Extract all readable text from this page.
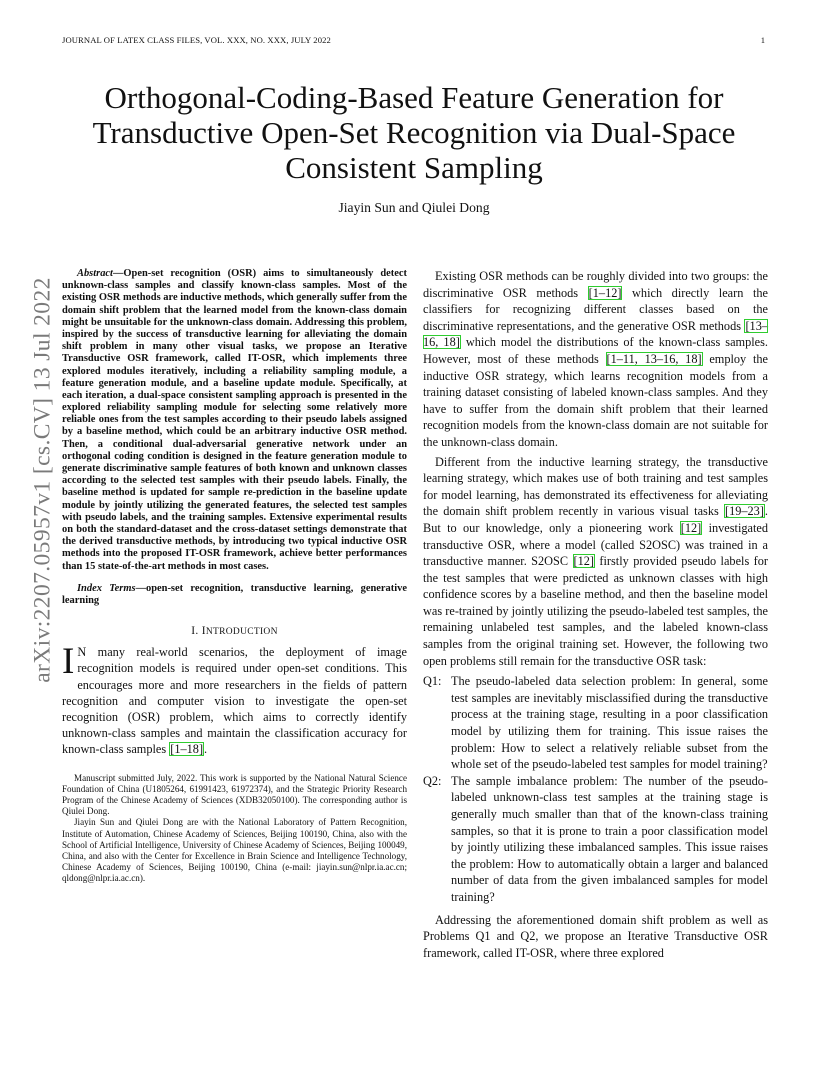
JOURNAL OF LATEX CLASS FILES, VOL. XXX, NO. XXX, JULY 2022	1
Orthogonal-Coding-Based Feature Generation for Transductive Open-Set Recognition via Dual-Space Consistent Sampling
Jiayin Sun and Qiulei Dong
arXiv:2207.05957v1 [cs.CV] 13 Jul 2022

Abstract—Open-set recognition (OSR) aims to simultaneously detect unknown-class samples and classify known-class samples. Most of the existing OSR methods are inductive methods, which generally suffer from the domain shift problem that the learned model from the known-class domain might be unsuitable for the unknown-class domain. Addressing this problem, inspired by the success of transductive learning for alleviating the domain shift problem in many other visual tasks, we propose an Iterative Transductive OSR framework, called IT-OSR, which implements three explored modules iteratively, including a reliability sampling module, a feature generation module, and a baseline update module. Specifically, at each iteration, a dual-space consistent sampling approach is presented in the explored reliability sampling module for selecting some relatively more reliable ones from the test samples according to their pseudo labels assigned by a baseline method, which could be an arbitrary inductive OSR method. Then, a conditional dual-adversarial generative network under an orthogonal coding condition is designed in the feature generation module to generate discriminative sample features of both known and unknown classes according to the selected test samples with their pseudo labels. Finally, the baseline method is updated for sample re-prediction in the baseline update module by jointly utilizing the generated features, the selected test samples with pseudo labels, and the training samples. Extensive experimental results on both the standard-dataset and the cross-dataset settings demonstrate that the derived transductive methods, by introducing two typical inductive OSR methods into the proposed IT-OSR framework, achieve better performances than 15 state-of-the-art methods in most cases.

Index Terms—open-set recognition, transductive learning, generative learning

I. INTRODUCTION

I N many real-world scenarios, the deployment of image recognition models is required under open-set conditions. This encourages more and more researchers in the fields of pattern recognition and computer vision to investigate the open-set recognition (OSR) problem, which aims to correctly identify unknown-class samples and maintain the classification accuracy for known-class samples [1–18].

Manuscript submitted July, 2022. This work is supported by the National Natural Science Foundation of China (U1805264, 61991423, 61972374), and the Strategic Priority Research Program of the Chinese Academy of Sciences (XDB32050100). The corresponding author is Qiulei Dong.

Jiayin Sun and Qiulei Dong are with the National Laboratory of Pattern Recognition, Institute of Automation, Chinese Academy of Sciences, Beijing 100190, China, also with the School of Artificial Intelligence, University of Chinese Academy of Sciences, Beijing 100049, China, and also with the Center for Excellence in Brain Science and Intelligence Technology, Chinese Academy of Sciences, Beijing 100190, China (e-mail: jiayin.sun@nlpr.ia.ac.cn; qldong@nlpr.ia.ac.cn).

Existing OSR methods can be roughly divided into two groups: the discriminative OSR methods [1–12] which directly learn the classifiers for recognizing different classes based on the discriminative representations, and the generative OSR methods [13–16, 18] which model the distributions of the known-class samples. However, most of these methods [1–11, 13–16, 18] employ the inductive OSR strategy, which learns recognition models from a training dataset consisting of labeled known-class samples. And they have to suffer from the domain shift problem that their learned recognition models from the known-class domain are not suitable for the unknown-class domain.

Different from the inductive learning strategy, the transductive learning strategy, which makes use of both training and test samples for model learning, has demonstrated its effectiveness for alleviating the domain shift problem recently in various visual tasks [19–23]. But to our knowledge, only a pioneering work [12] investigated transductive OSR, where a model (called S2OSC) was trained in a transductive manner. S2OSC [12] firstly provided pseudo labels for the test samples that were predicted as unknown classes with high confidence scores by a baseline method, and then the baseline model was re-trained by jointly utilizing the pseudo-labeled test samples, the remaining unlabeled test samples, and the labeled known-class samples from the original training set. However, the following two open problems still remain for the transductive OSR task:

Q1: The pseudo-labeled data selection problem: In general, some test samples are inevitably misclassified during the transductive process at the training stage, resulting in a poor classification model by utilizing them for training. This issue raises the problem: How to select a relatively reliable subset from the whole set of the pseudo-labeled test samples for model training?
Q2: The sample imbalance problem: The number of the pseudo-labeled unknown-class test samples at the training stage is generally much smaller than that of the known-class training samples, so that it is prone to train a poor classification model by jointly utilizing these imbalanced samples. This issue raises the problem: How to automatically obtain a larger and balanced number of data from the given imbalanced samples for model training?

Addressing the aforementioned domain shift problem as well as Problems Q1 and Q2, we propose an Iterative Transductive OSR framework, called IT-OSR, where three explored
